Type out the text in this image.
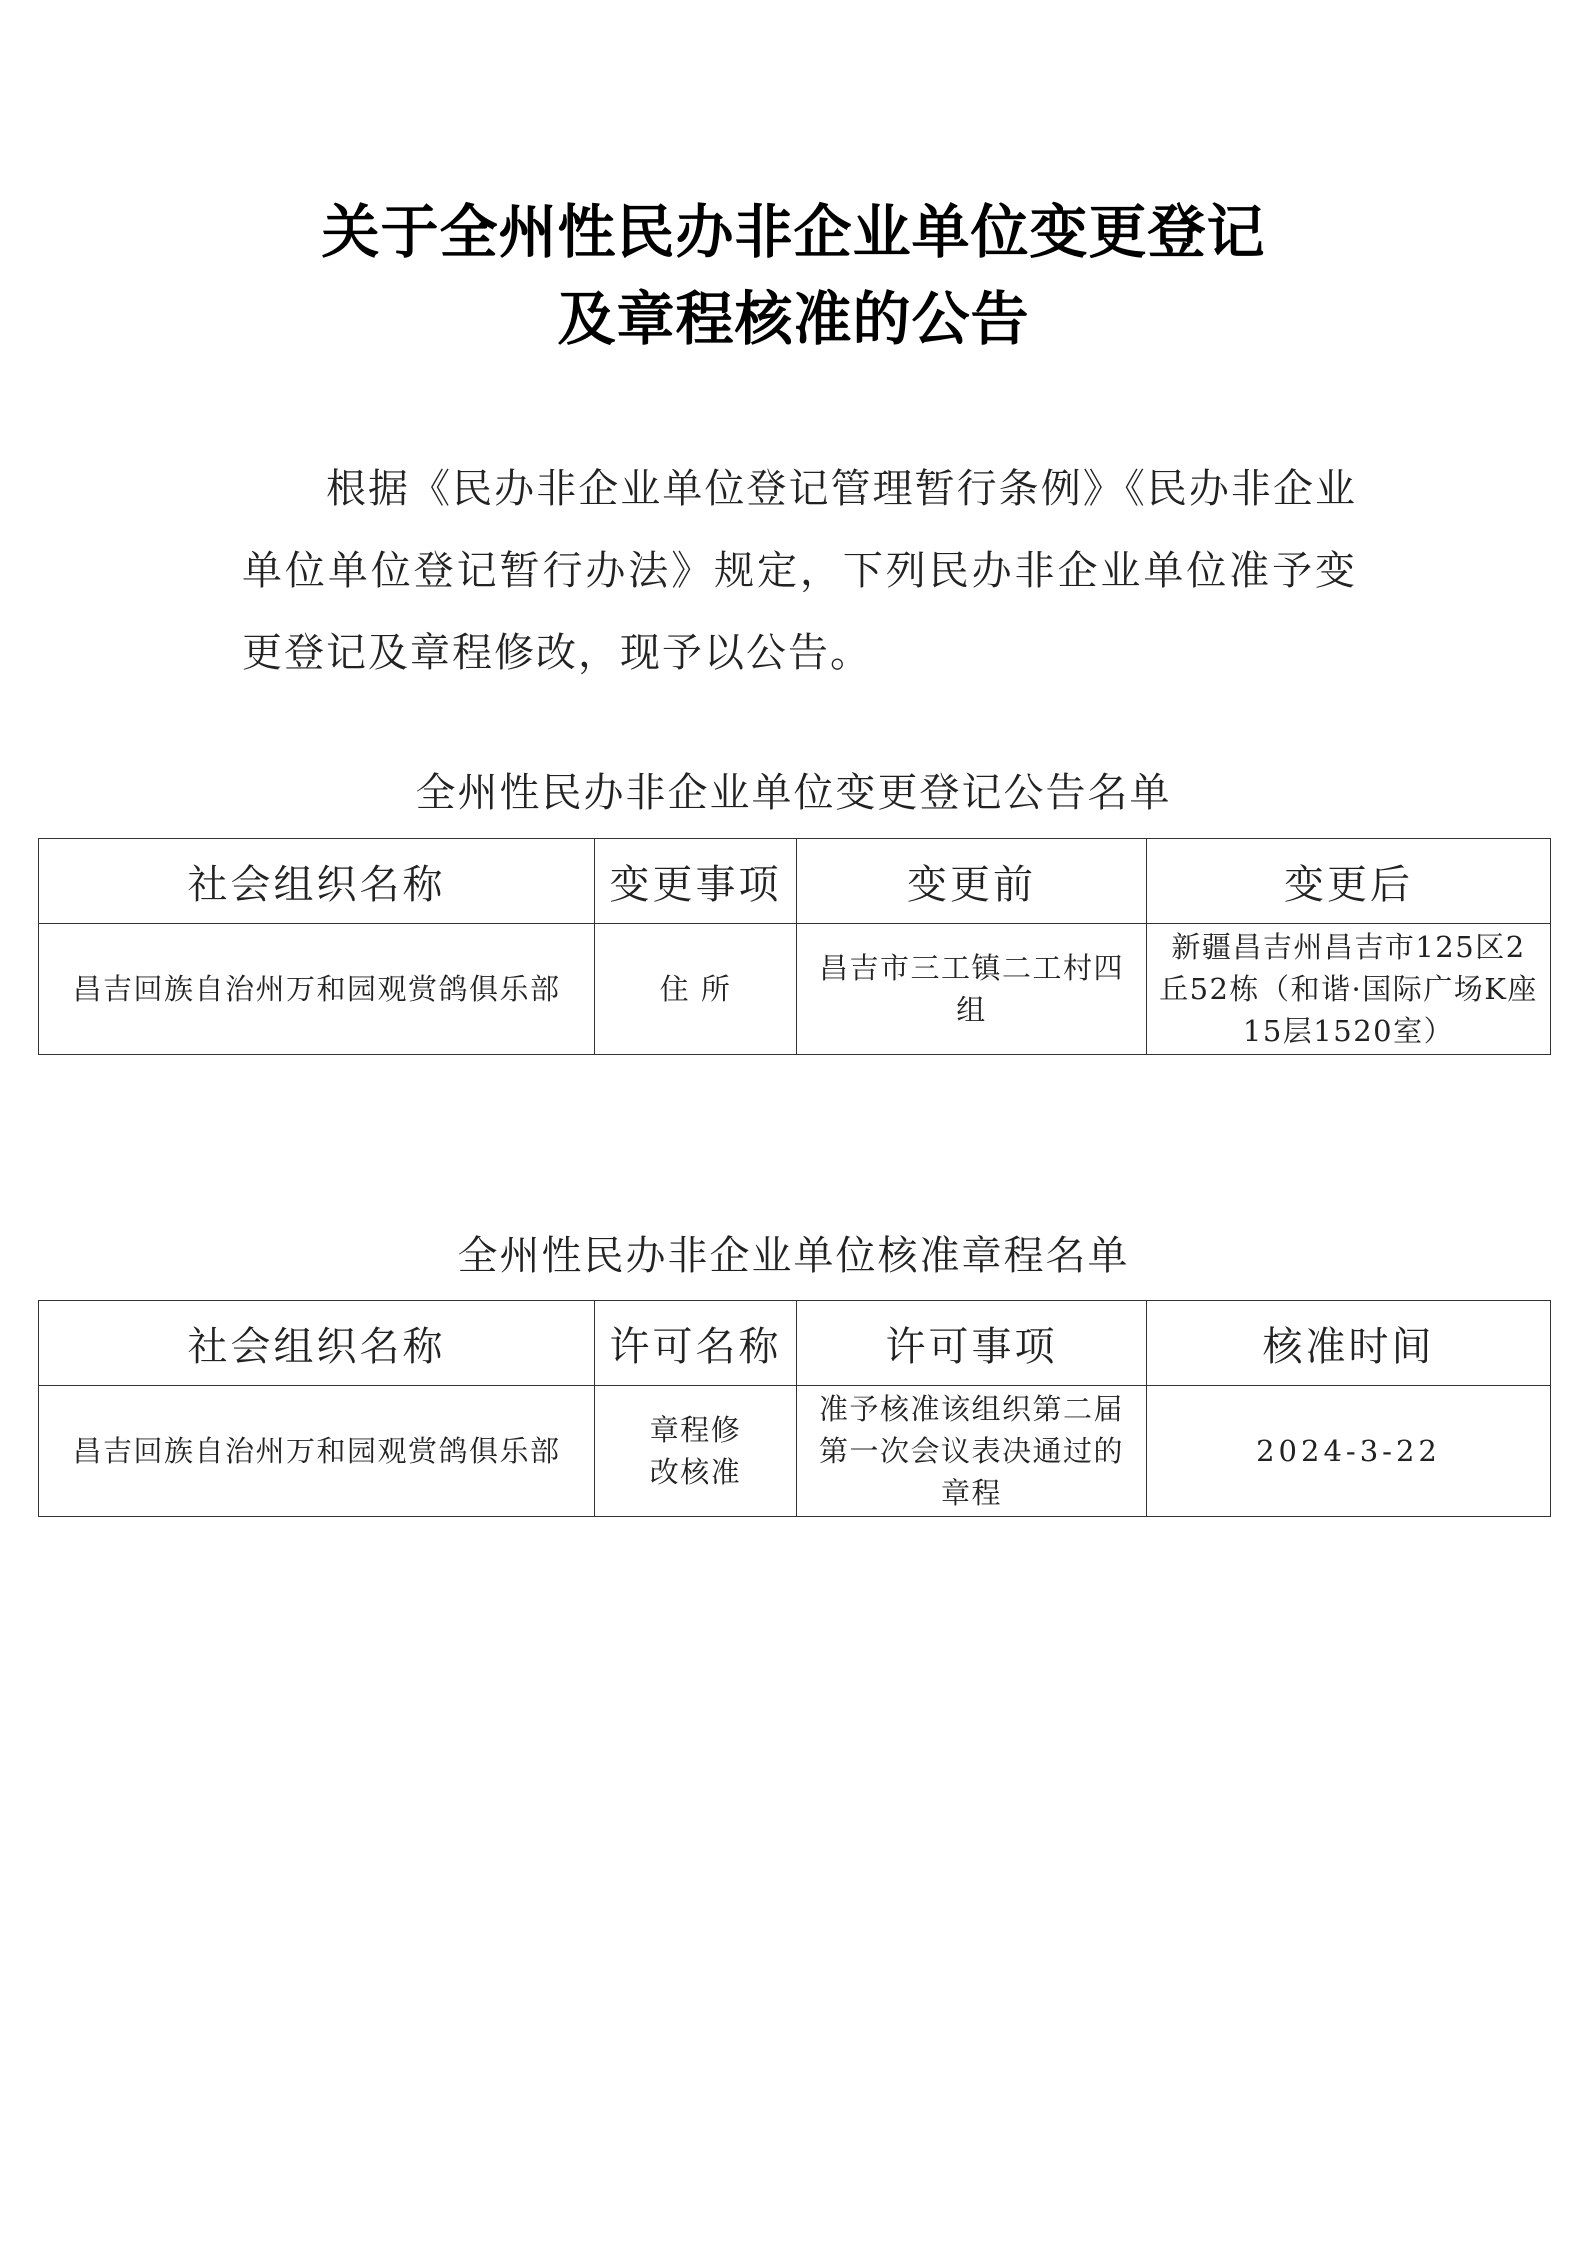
关于全州性民办非企业单位变更登记
及章程核准的公告

根据《民办非企业单位登记管理暂行条例》《民办非企业单位单位登记暂行办法》规定，下列民办非企业单位准予变更登记及章程修改，现予以公告。

全州性民办非企业单位变更登记公告名单
社会组织名称	变更事项	变更前	变更后
昌吉回族自治州万和园观赏鸽俱乐部	住 所	昌吉市三工镇二工村四组	新疆昌吉州昌吉市125区2丘52栋（和谐·国际广场K座15层1520室）
全州性民办非企业单位核准章程名单
社会组织名称	许可名称	许可事项	核准时间
昌吉回族自治州万和园观赏鸽俱乐部	章程修改核准	准予核准该组织第二届第一次会议表决通过的章程	2024-3-22
